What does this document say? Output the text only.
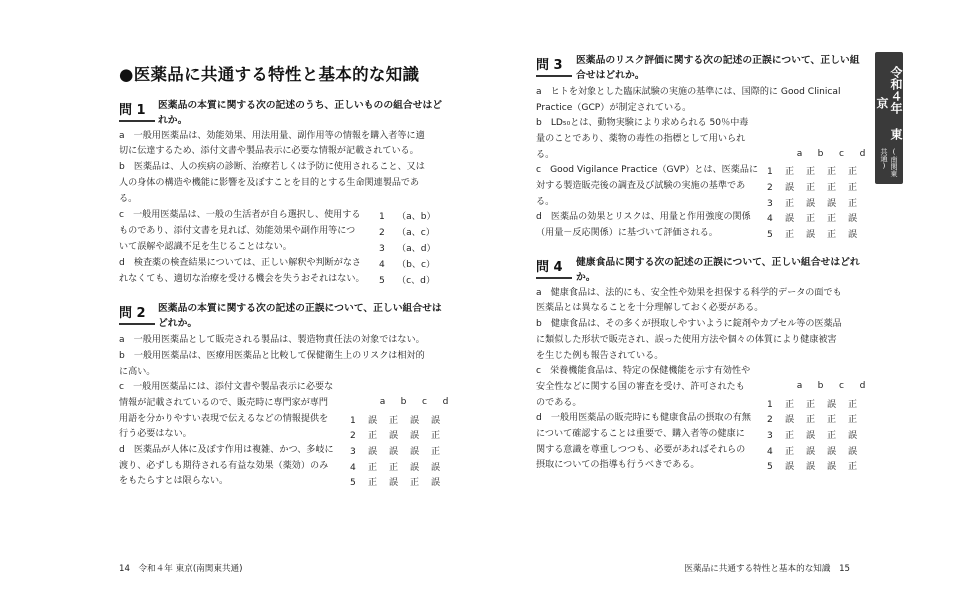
●医薬品に共通する特性と基本的な知識
問 1 医薬品の本質に関する次の記述のうち、正しいものの組合せはど
れか。
a　一般用医薬品は、効能効果、用法用量、副作用等の情報を購入者等に適
切に伝達するため、添付文書や製品表示に必要な情報が記載されている。
b　医薬品は、人の疾病の診断、治療若しくは予防に使用されること、又は
人の身体の構造や機能に影響を及ぼすことを目的とする生命関連製品であ
る。
c　一般用医薬品は、一般の生活者が自ら選択し、使用する
ものであり、添付文書を見れば、効能効果や副作用等につ
いて誤解や認識不足を生じることはない。
d　検査薬の検査結果については、正しい解釈や判断がなさ
れなくても、適切な治療を受ける機会を失うおそれはない。
1 （a、b）
2 （a、c）
3 （a、d）
4 （b、c）
5 （c、d）
問 2 医薬品の本質に関する次の記述の正誤について、正しい組合せは
どれか。
a　一般用医薬品として販売される製品は、製造物責任法の対象ではない。
b　一般用医薬品は、医療用医薬品と比較して保健衛生上のリスクは相対的
に高い。
c　一般用医薬品には、添付文書や製品表示に必要な
情報が記載されているので、販売時に専門家が専門
用語を分かりやすい表現で伝えるなどの情報提供を
行う必要はない。
d　医薬品が人体に及ぼす作用は複雑、かつ、多岐に
渡り、必ずしも期待される有益な効果（薬効）のみ
をもたらすとは限らない。
a b c d
1 誤 正 誤 誤
2 正 誤 誤 正
3 誤 誤 誤 正
4 正 正 誤 誤
5 正 誤 正 誤
14　令和４年 東京(南関東共通)
問 3 医薬品のリスク評価に関する次の記述の正誤について、正しい組
合せはどれか。
a　ヒトを対象とした臨床試験の実施の基準には、国際的に Good Clinical
Practice（GCP）が制定されている。
b　LD₅₀とは、動物実験により求められる 50％中毒
量のことであり、薬物の毒性の指標として用いられ
る。
c　Good Vigilance Practice（GVP）とは、医薬品に
対する製造販売後の調査及び試験の実施の基準であ
る。
d　医薬品の効果とリスクは、用量と作用強度の関係
（用量－反応関係）に基づいて評価される。
a b c d
1 正 正 正 正
2 誤 正 正 正
3 正 誤 誤 正
4 誤 正 正 誤
5 正 誤 正 誤
問 4 健康食品に関する次の記述の正誤について、正しい組合せはどれ
か。
a　健康食品は、法的にも、安全性や効果を担保する科学的データの面でも
医薬品とは異なることを十分理解しておく必要がある。
b　健康食品は、その多くが摂取しやすいように錠剤やカプセル等の医薬品
に類似した形状で販売され、誤った使用方法や個々の体質により健康被害
を生じた例も報告されている。
c　栄養機能食品は、特定の保健機能を示す有効性や
安全性などに関する国の審査を受け、許可されたも
のである。
d　一般用医薬品の販売時にも健康食品の摂取の有無
について確認することは重要で、購入者等の健康に
関する意識を尊重しつつも、必要があればそれらの
摂取についての指導も行うべきである。
a b c d
1 正 正 誤 正
2 誤 正 正 正
3 正 誤 正 誤
4 正 誤 誤 誤
5 誤 誤 誤 正
令和４年 東京
(南関東共通)
医薬品に共通する特性と基本的な知識　15
